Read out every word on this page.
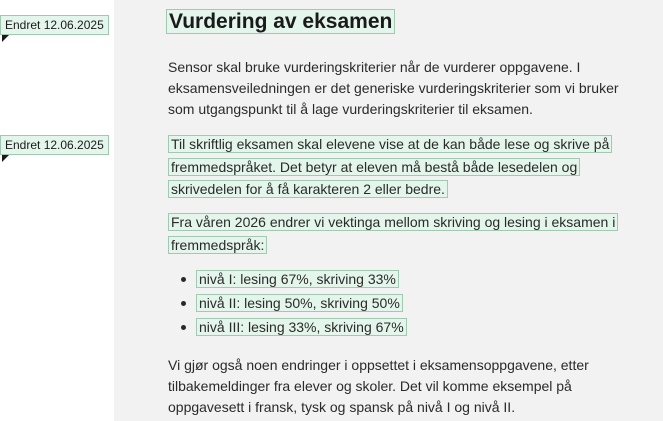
Endret 12.06.2025
Endret 12.06.2025
Vurdering av eksamen

Sensor skal bruke vurderingskriterier når de vurderer oppgavene. I eksamensveiledningen er det generiske vurderingskriterier som vi bruker som utgangspunkt til å lage vurderingskriterier til eksamen.

Til skriftlig eksamen skal elevene vise at de kan både lese og skrive på fremmedspråket. Det betyr at eleven må bestå både lesedelen og skrivedelen for å få karakteren 2 eller bedre.

Fra våren 2026 endrer vi vektinga mellom skriving og lesing i eksamen i fremmedspråk:

nivå I: lesing 67%, skriving 33%
nivå II: lesing 50%, skriving 50%
nivå III: lesing 33%, skriving 67%

Vi gjør også noen endringer i oppsettet i eksamensoppgavene, etter tilbakemeldinger fra elever og skoler. Det vil komme eksempel på oppgavesett i fransk, tysk og spansk på nivå I og nivå II.
